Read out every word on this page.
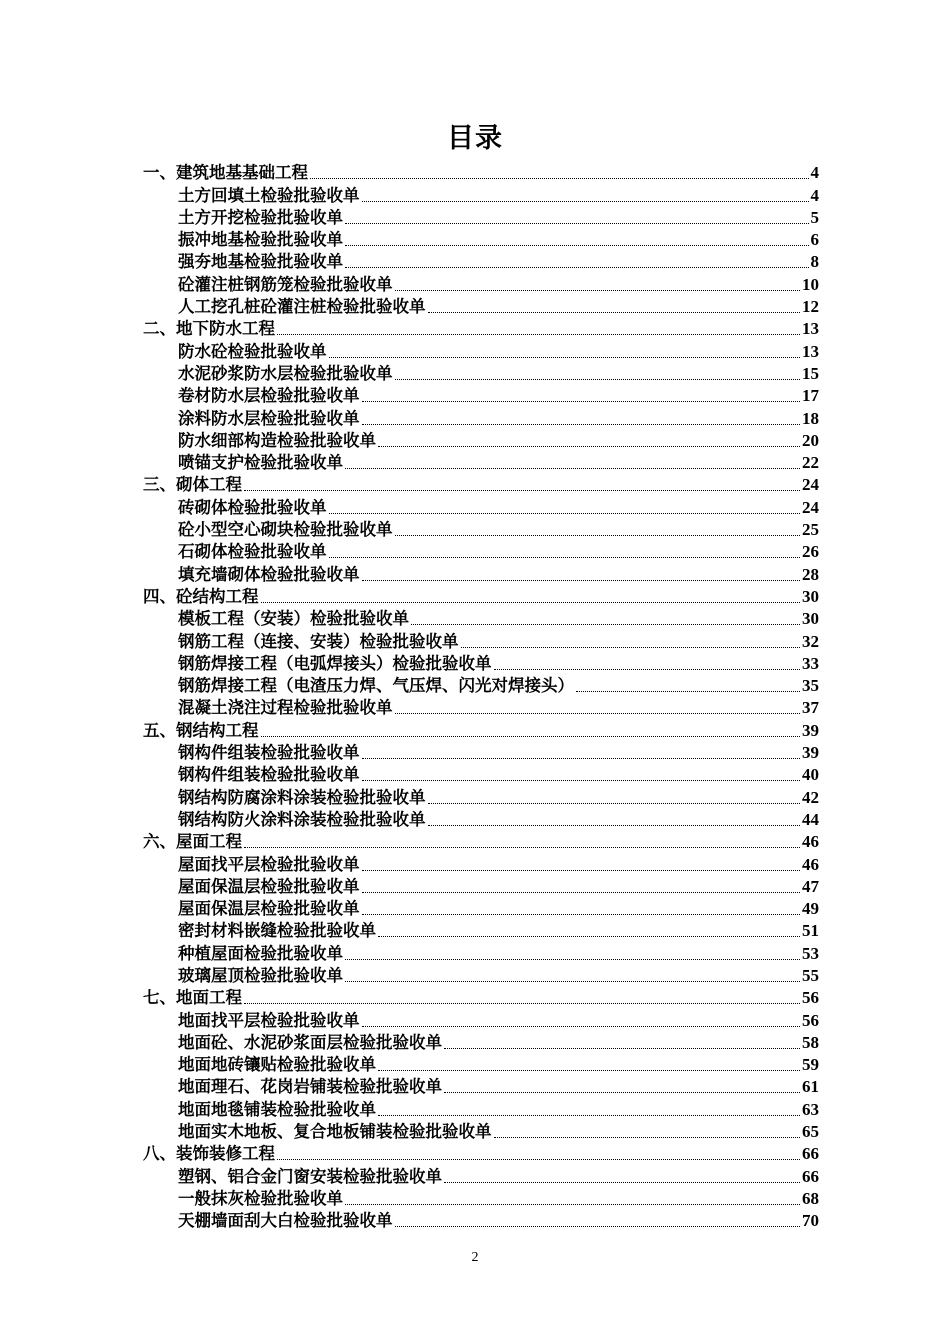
目录
一、建筑地基基础工程	4
土方回填土检验批验收单	4
土方开挖检验批验收单	5
振冲地基检验批验收单	6
强夯地基检验批验收单	8
砼灌注桩钢筋笼检验批验收单	10
人工挖孔桩砼灌注桩检验批验收单	12
二、地下防水工程	13
防水砼检验批验收单	13
水泥砂浆防水层检验批验收单	15
卷材防水层检验批验收单	17
涂料防水层检验批验收单	18
防水细部构造检验批验收单	20
喷锚支护检验批验收单	22
三、砌体工程	24
砖砌体检验批验收单	24
砼小型空心砌块检验批验收单	25
石砌体检验批验收单	26
填充墙砌体检验批验收单	28
四、砼结构工程	30
模板工程（安装）检验批验收单	30
钢筋工程（连接、安装）检验批验收单	32
钢筋焊接工程（电弧焊接头）检验批验收单	33
钢筋焊接工程（电渣压力焊、气压焊、闪光对焊接头）	35
混凝土浇注过程检验批验收单	37
五、钢结构工程	39
钢构件组装检验批验收单	39
钢构件组装检验批验收单	40
钢结构防腐涂料涂装检验批验收单	42
钢结构防火涂料涂装检验批验收单	44
六、屋面工程	46
屋面找平层检验批验收单	46
屋面保温层检验批验收单	47
屋面保温层检验批验收单	49
密封材料嵌缝检验批验收单	51
种植屋面检验批验收单	53
玻璃屋顶检验批验收单	55
七、地面工程	56
地面找平层检验批验收单	56
地面砼、水泥砂浆面层检验批验收单	58
地面地砖镶贴检验批验收单	59
地面理石、花岗岩铺装检验批验收单	61
地面地毯铺装检验批验收单	63
地面实木地板、复合地板铺装检验批验收单	65
八、装饰装修工程	66
塑钢、铝合金门窗安装检验批验收单	66
一般抹灰检验批验收单	68
天棚墙面刮大白检验批验收单	70
2
